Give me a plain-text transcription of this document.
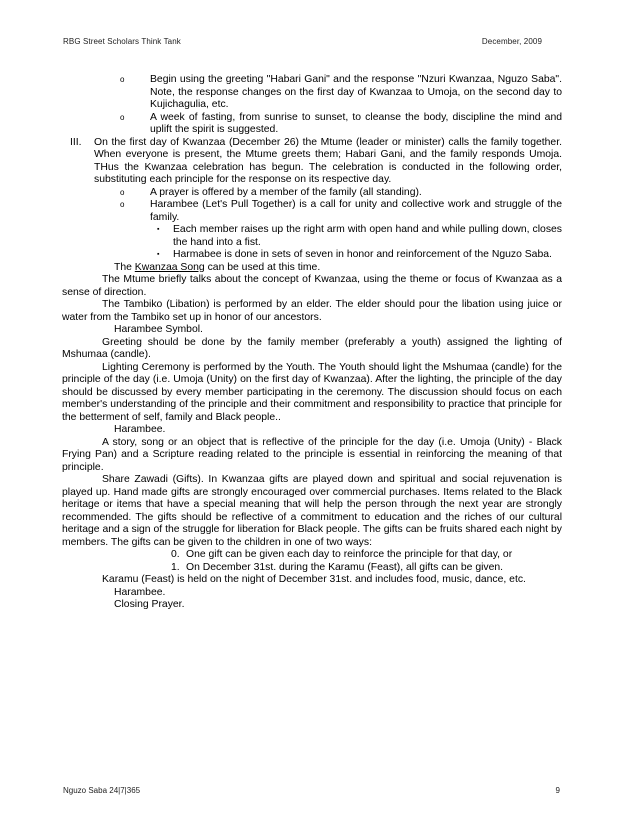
RBG Street Scholars Think Tank	December, 2009
o Begin using the greeting "Habari Gani" and the response "Nzuri Kwanzaa, Nguzo Saba". Note, the response changes on the first day of Kwanzaa to Umoja, on the second day to Kujichagulia, etc.
o A week of fasting, from sunrise to sunset, to cleanse the body, discipline the mind and uplift the spirit is suggested.
III. On the first day of Kwanzaa (December 26) the Mtume (leader or minister) calls the family together. When everyone is present, the Mtume greets them; Habari Gani, and the family responds Umoja. THus the Kwanzaa celebration has begun. The celebration is conducted in the following order, substituting each principle for the response on its respective day.
o A prayer is offered by a member of the family (all standing).
o Harambee (Let's Pull Together) is a call for unity and collective work and struggle of the family.
▪ Each member raises up the right arm with open hand and while pulling down, closes the hand into a fist.
▪ Harmabee is done in sets of seven in honor and reinforcement of the Nguzo Saba.
The Kwanzaa Song can be used at this time.
The Mtume briefly talks about the concept of Kwanzaa, using the theme or focus of Kwanzaa as a sense of direction.
The Tambiko (Libation) is performed by an elder. The elder should pour the libation using juice or water from the Tambiko set up in honor of our ancestors.
Harambee Symbol.
Greeting should be done by the family member (preferably a youth) assigned the lighting of Mshumaa (candle).
Lighting Ceremony is performed by the Youth. The Youth should light the Mshumaa (candle) for the principle of the day (i.e. Umoja (Unity) on the first day of Kwanzaa). After the lighting, the principle of the day should be discussed by every member participating in the ceremony. The discussion should focus on each member's understanding of the principle and their commitment and responsibility to practice that principle for the betterment of self, family and Black people..
Harambee.
A story, song or an object that is reflective of the principle for the day (i.e. Umoja (Unity) - Black Frying Pan) and a Scripture reading related to the principle is essential in reinforcing the meaning of that principle.
Share Zawadi (Gifts). In Kwanzaa gifts are played down and spiritual and social rejuvenation is played up. Hand made gifts are strongly encouraged over commercial purchases. Items related to the Black heritage or items that have a special meaning that will help the person through the next year are strongly recommended. The gifts should be reflective of a commitment to education and the riches of our cultural heritage and a sign of the struggle for liberation for Black people. The gifts can be fruits shared each night by members. The gifts can be given to the children in one of two ways:
0. One gift can be given each day to reinforce the principle for that day, or
1. On December 31st. during the Karamu (Feast), all gifts can be given.
Karamu (Feast) is held on the night of December 31st. and includes food, music, dance, etc.
Harambee.
Closing Prayer.
Nguzo Saba 24|7|365	9
